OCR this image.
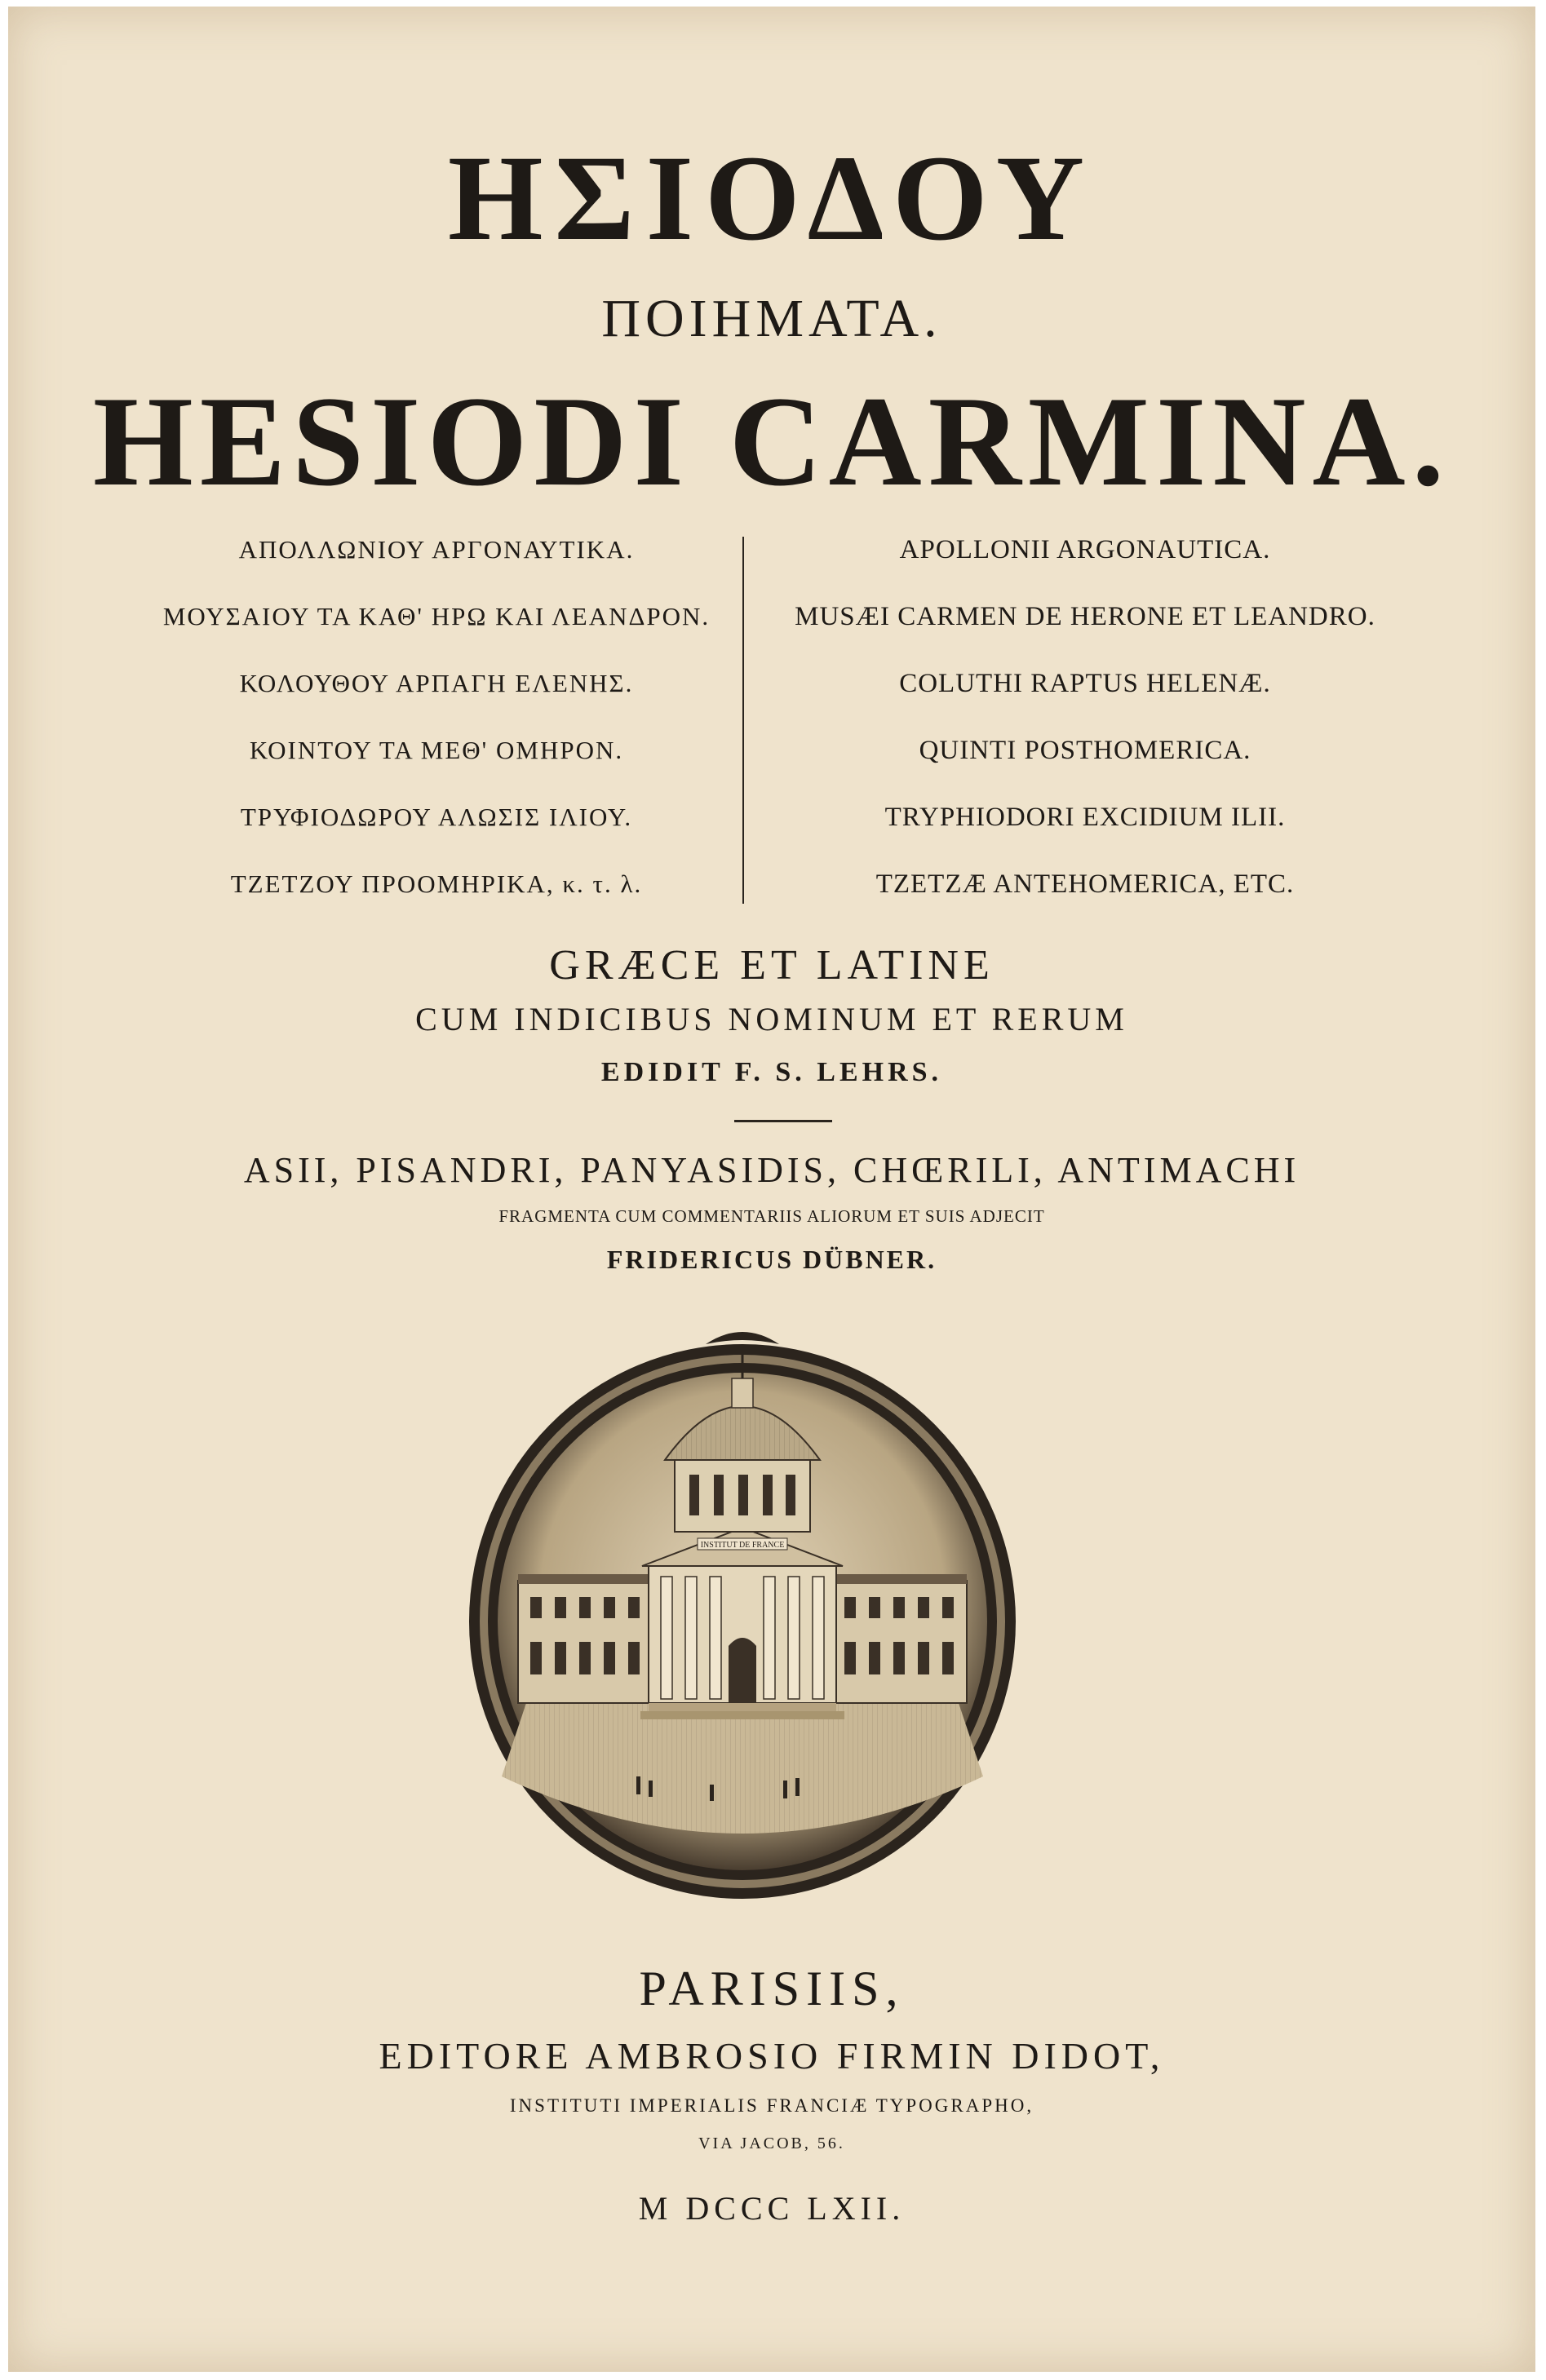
ΗΣΙΟΔΟΥ
ΠΟΙΗΜΑΤΑ.
HESIODI CARMINA.
ΑΠΟΛΛΩΝΙΟΥ ΑΡΓΟΝΑΥΤΙΚΑ.
ΜΟΥΣΑΙΟΥ ΤΑ ΚΑΘ' ΗΡΩ ΚΑΙ ΛΕΑΝΔΡΟΝ.
ΚΟΛΟΥΘΟΥ ΑΡΠΑΓΗ ΕΛΕΝΗΣ.
ΚΟΙΝΤΟΥ ΤΑ ΜΕΘ' ΟΜΗΡΟΝ.
ΤΡΥΦΙΟΔΩΡΟΥ ΑΛΩΣΙΣ ΙΛΙΟΥ.
ΤΖΕΤΖΟΥ ΠΡΟΟΜΗΡΙΚΑ, κ. τ. λ.
APOLLONII ARGONAUTICA.
MUSÆI CARMEN DE HERONE ET LEANDRO.
COLUTHI RAPTUS HELENÆ.
QUINTI POSTHOMERICA.
TRYPHIODORI EXCIDIUM ILII.
TZETZÆ ANTEHOMERICA, ETC.
GRÆCE ET LATINE
CUM INDICIBUS NOMINUM ET RERUM
EDIDIT F. S. LEHRS.
ASII, PISANDRI, PANYASIDIS, CHŒRILI, ANTIMACHI
FRAGMENTA CUM COMMENTARIIS ALIORUM ET SUIS ADJECIT
FRIDERICUS DÜBNER.
INSTITUT DE FRANCE
PARISIIS,
EDITORE AMBROSIO FIRMIN DIDOT,
INSTITUTI IMPERIALIS FRANCIÆ TYPOGRAPHO,
VIA JACOB, 56.
M DCCC LXII.
